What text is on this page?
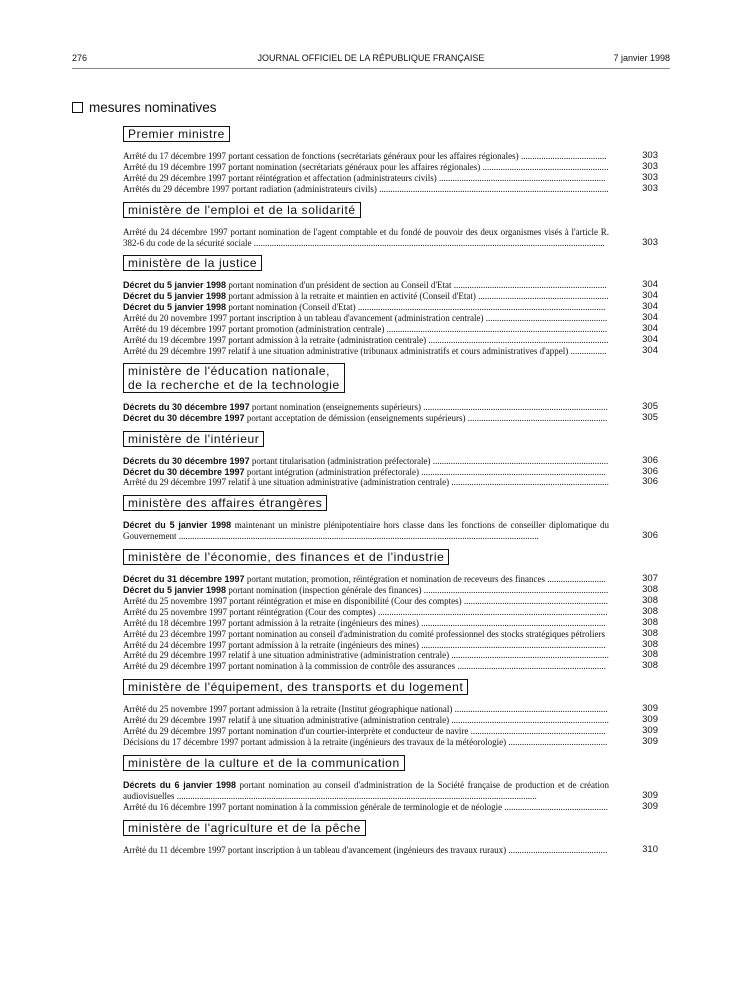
276	JOURNAL OFFICIEL DE LA RÉPUBLIQUE FRANÇAISE	7 janvier 1998
mesures nominatives
Premier ministre
Arrêté du 17 décembre 1997 portant cessation de fonctions (secrétariats généraux pour les affaires régionales) ......................................	303
Arrêté du 19 décembre 1997 portant nomination (secrétariats généraux pour les affaires régionales) ........................................................	303
Arrêté du 29 décembre 1997 portant réintégration et affectation (administrateurs civils) ..........................................................................	303
Arrêtés du 29 décembre 1997 portant radiation (administrateurs civils) ......................................................................................................	303
ministère de l'emploi et de la solidarité
Arrêté du 24 décembre 1997 portant nomination de l'agent comptable et du fondé de pouvoir des deux organismes visés à l'article R. 382-6 du code de la sécurité sociale ............................................................................................................................................................	303
ministère de la justice
Décret du 5 janvier 1998 portant nomination d'un président de section au Conseil d'Etat ....................................................................	304
Décret du 5 janvier 1998 portant admission à la retraite et maintien en activité (Conseil d'Etat) ..........................................................	304
Décret du 5 janvier 1998 portant nomination (Conseil d'Etat) ..............................................................................................................	304
Arrêté du 20 novembre 1997 portant inscription à un tableau d'avancement (administration centrale) ......................................................	304
Arrêté du 19 décembre 1997 portant promotion (administration centrale) ..................................................................................................	304
Arrêté du 19 décembre 1997 portant admission à la retraite (administration centrale) ................................................................................	304
Arrêté du 29 décembre 1997 relatif à une situation administrative (tribunaux administratifs et cours administratives d'appel) ................	304
ministère de l'éducation nationale,
de la recherche et de la technologie
Décrets du 30 décembre 1997 portant nomination (enseignements supérieurs) ..................................................................................	305
Décret du 30 décembre 1997 portant acceptation de démission (enseignements supérieurs) ..............................................................	305
ministère de l'intérieur
Décrets du 30 décembre 1997 portant titularisation (administration préfectorale) ..............................................................................	306
Décret du 30 décembre 1997 portant intégration (administration préfectorale) ..................................................................................	306
Arrêté du 29 décembre 1997 relatif à une situation administrative (administration centrale) ......................................................................	306
ministère des affaires étrangères
Décret du 5 janvier 1998 maintenant un ministre plénipotentiaire hors classe dans les fonctions de conseiller diplomatique du Gouvernement ................................................................................................................................................................	306
ministère de l'économie, des finances et de l'industrie
Décret du 31 décembre 1997 portant mutation, promotion, réintégration et nomination de receveurs des finances ..........................	307
Décret du 5 janvier 1998 portant nomination (inspection générale des finances) ..................................................................................	308
Arrêté du 25 novembre 1997 portant réintégration et mise en disponibilité (Cour des comptes) ................................................................	308
Arrêté du 25 novembre 1997 portant réintégration (Cour des comptes) ......................................................................................................	308
Arrêté du 18 décembre 1997 portant admission à la retraite (ingénieurs des mines) ..................................................................................	308
Arrêté du 23 décembre 1997 portant nomination au conseil d'administration du comité professionnel des stocks stratégiques pétroliers	308
Arrêté du 24 décembre 1997 portant admission à la retraite (ingénieurs des mines) ..................................................................................	308
Arrêté du 29 décembre 1997 relatif à une situation administrative (administration centrale) ......................................................................	308
Arrêté du 29 décembre 1997 portant nomination à la commission de contrôle des assurances ..................................................................	308
ministère de l'équipement, des transports et du logement
Arrêté du 25 novembre 1997 portant admission à la retraite (Institut géographique national) ....................................................................	309
Arrêté du 29 décembre 1997 relatif à une situation administrative (administration centrale) ......................................................................	309
Arrêté du 29 décembre 1997 portant nomination d'un courtier-interprète et conducteur de navire ............................................................	309
Décisions du 17 décembre 1997 portant admission à la retraite (ingénieurs des travaux de la météorologie) ............................................	309
ministère de la culture et de la communication
Décrets du 6 janvier 1998 portant nomination au conseil d'administration de la Société française de production et de création audiovisuelles ................................................................................................................................................................	309
Arrêté du 16 décembre 1997 portant nomination à la commission générale de terminologie et de néologie ..............................................	309
ministère de l'agriculture et de la pêche
Arrêté du 11 décembre 1997 portant inscription à un tableau d'avancement (ingénieurs des travaux ruraux) ............................................	310
